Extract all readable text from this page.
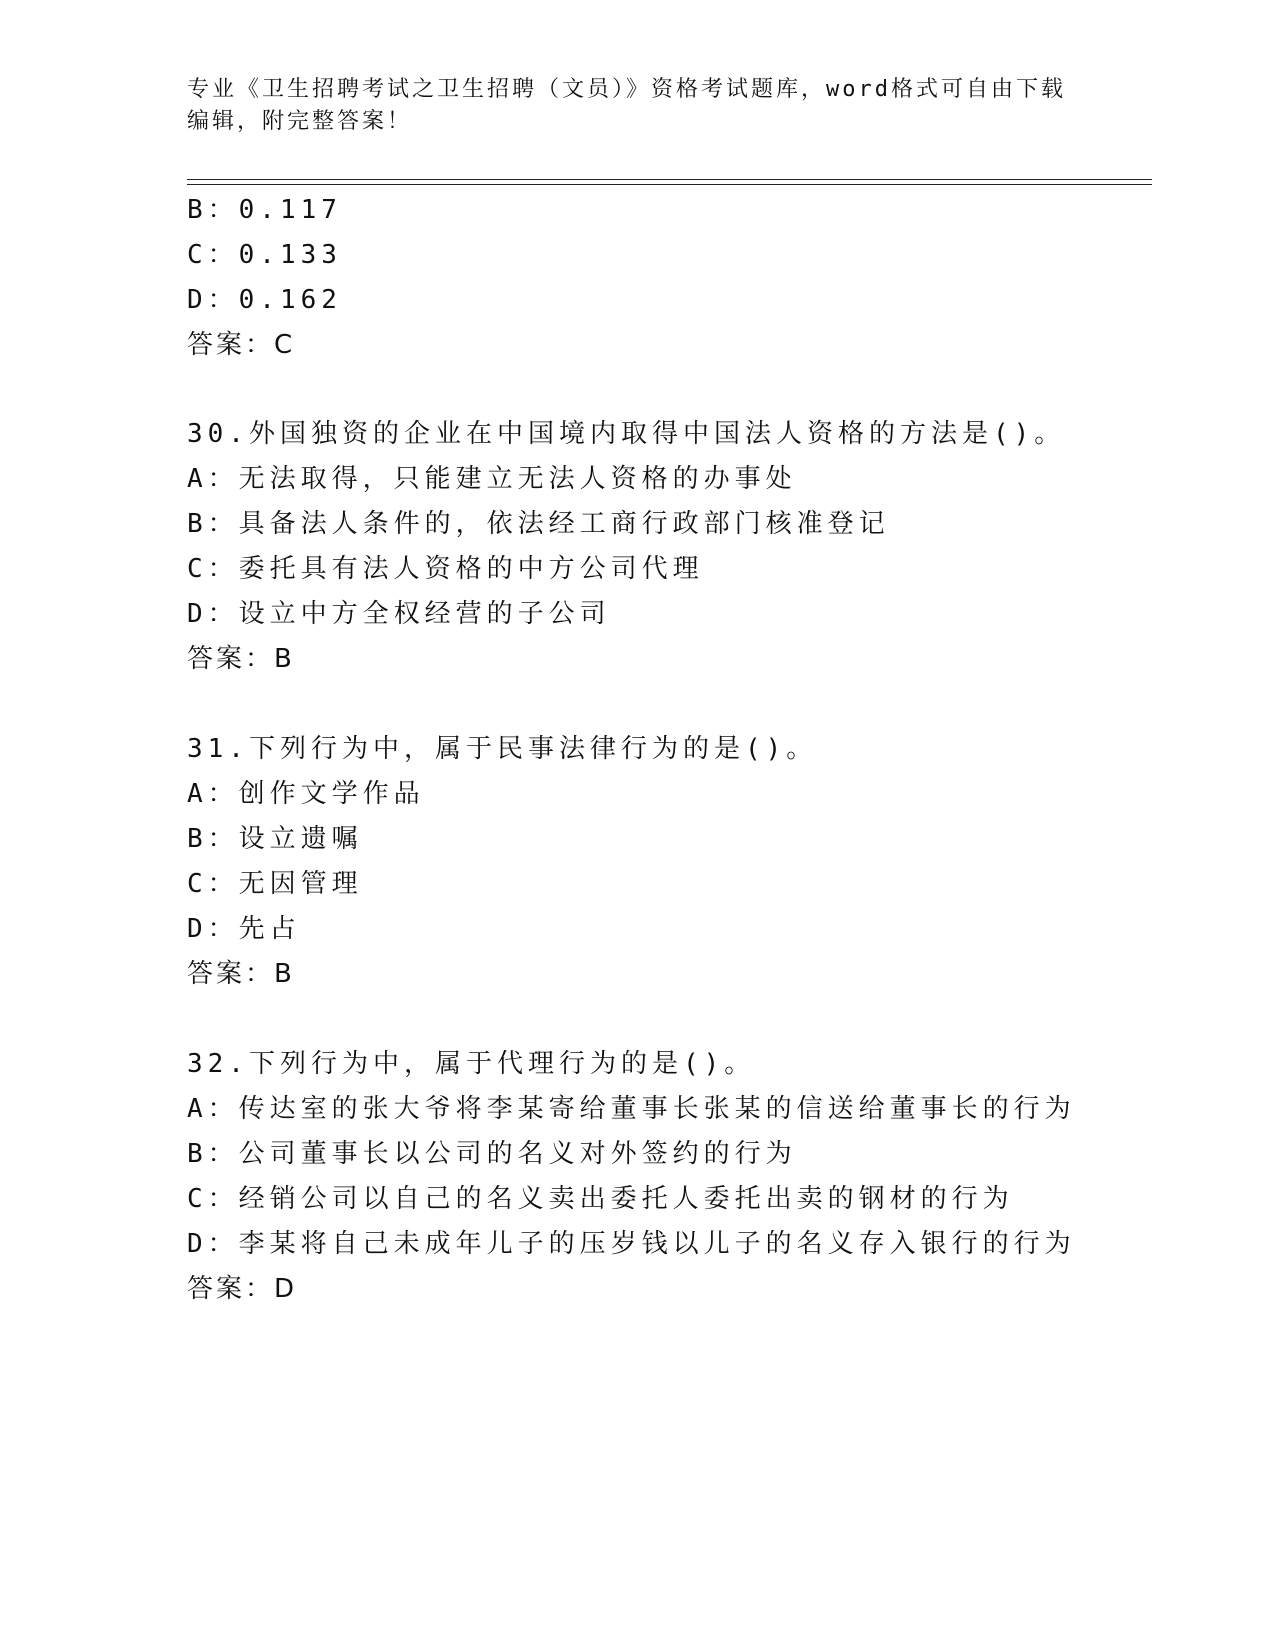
专业《卫生招聘考试之卫生招聘（文员）》资格考试题库，word格式可自由下载
编辑，附完整答案！
B：0.117
C：0.133
D：0.162
答案：C
30.外国独资的企业在中国境内取得中国法人资格的方法是()。
A：无法取得，只能建立无法人资格的办事处
B：具备法人条件的，依法经工商行政部门核准登记
C：委托具有法人资格的中方公司代理
D：设立中方全权经营的子公司
答案：B
31.下列行为中，属于民事法律行为的是()。
A：创作文学作品
B：设立遗嘱
C：无因管理
D：先占
答案：B
32.下列行为中，属于代理行为的是()。
A：传达室的张大爷将李某寄给董事长张某的信送给董事长的行为
B：公司董事长以公司的名义对外签约的行为
C：经销公司以自己的名义卖出委托人委托出卖的钢材的行为
D：李某将自己未成年儿子的压岁钱以儿子的名义存入银行的行为
答案：D
